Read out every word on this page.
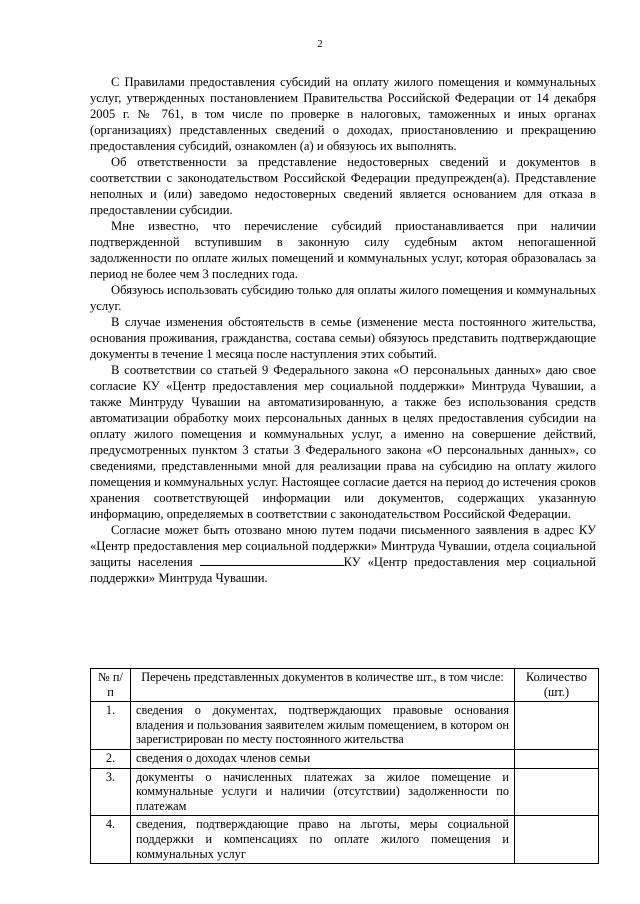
2

С Правилами предоставления субсидий на оплату жилого помещения и коммунальных услуг, утвержденных постановлением Правительства Российской Федерации от 14 декабря 2005 г. № 761, в том числе по проверке в налоговых, таможенных и иных органах (организациях) представленных сведений о доходах, приостановлению и прекращению предоставления субсидий, ознакомлен (а) и обязуюсь их выполнять.

Об ответственности за представление недостоверных сведений и документов в соответствии с законодательством Российской Федерации предупрежден(а). Представление неполных и (или) заведомо недостоверных сведений является основанием для отказа в предоставлении субсидии.

Мне известно, что перечисление субсидий приостанавливается при наличии подтвержденной вступившим в законную силу судебным актом непогашенной задолженности по оплате жилых помещений и коммунальных услуг, которая образовалась за период не более чем 3 последних года.

Обязуюсь использовать субсидию только для оплаты жилого помещения и коммунальных услуг.

В случае изменения обстоятельств в семье (изменение места постоянного жительства, основания проживания, гражданства, состава семьи) обязуюсь представить подтверждающие документы в течение 1 месяца после наступления этих событий.

В соответствии со статьей 9 Федерального закона «О персональных данных» даю свое согласие КУ «Центр предоставления мер социальной поддержки» Минтруда Чувашии, а также Минтруду Чувашии на автоматизированную, а также без использования средств автоматизации обработку моих персональных данных в целях предоставления субсидии на оплату жилого помещения и коммунальных услуг, а именно на совершение действий, предусмотренных пунктом 3 статьи 3 Федерального закона «О персональных данных», со сведениями, представленными мной для реализации права на субсидию на оплату жилого помещения и коммунальных услуг. Настоящее согласие дается на период до истечения сроков хранения соответствующей информации или документов, содержащих указанную информацию, определяемых в соответствии с законодательством Российской Федерации.

Согласие может быть отозвано мною путем подачи письменного заявления в адрес КУ «Центр предоставления мер социальной поддержки» Минтруда Чувашии, отдела социальной защиты населения	КУ «Центр предоставления мер социальной поддержки» Минтруда Чувашии.

№ п/п	Перечень представленных документов в количестве шт., в том числе:	Количество (шт.)
1.	сведения о документах, подтверждающих правовые основания владения и пользования заявителем жилым помещением, в котором он зарегистрирован по месту постоянного жительства	
2.	сведения о доходах членов семьи	
3.	документы о начисленных платежах за жилое помещение и коммунальные услуги и наличии (отсутствии) задолженности по платежам	
4.	сведения, подтверждающие право на льготы, меры социальной поддержки и компенсациях по оплате жилого помещения и коммунальных услуг	
